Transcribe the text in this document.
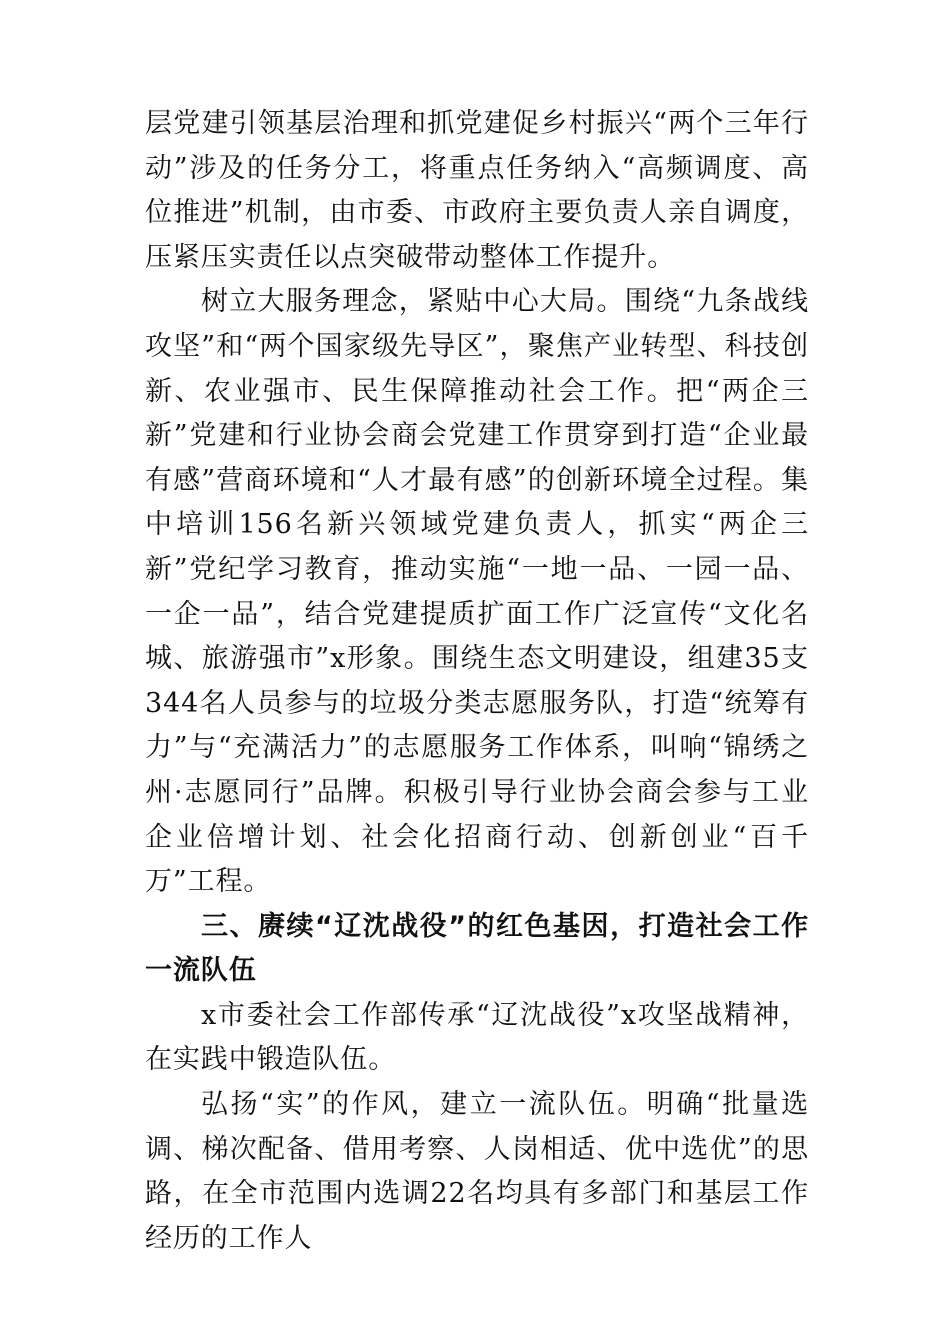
层党建引领基层治理和抓党建促乡村振兴“两个三年行动”涉及的任务分工，将重点任务纳入“高频调度、高位推进”机制，由市委、市政府主要负责人亲自调度，压紧压实责任以点突破带动整体工作提升。

树立大服务理念，紧贴中心大局。围绕“九条战线攻坚”和“两个国家级先导区”，聚焦产业转型、科技创新、农业强市、民生保障推动社会工作。把“两企三新”党建和行业协会商会党建工作贯穿到打造“企业最有感”营商环境和“人才最有感”的创新环境全过程。集中培训156名新兴领域党建负责人，抓实“两企三新”党纪学习教育，推动实施“一地一品、一园一品、一企一品”，结合党建提质扩面工作广泛宣传“文化名城、旅游强市”x形象。围绕生态文明建设，组建35支344名人员参与的垃圾分类志愿服务队，打造“统筹有力”与“充满活力”的志愿服务工作体系，叫响“锦绣之州·志愿同行”品牌。积极引导行业协会商会参与工业企业倍增计划、社会化招商行动、创新创业“百千万”工程。

三、赓续“辽沈战役”的红色基因，打造社会工作一流队伍

x市委社会工作部传承“辽沈战役”x攻坚战精神，在实践中锻造队伍。

弘扬“实”的作风，建立一流队伍。明确“批量选调、梯次配备、借用考察、人岗相适、优中选优”的思路，在全市范围内选调22名均具有多部门和基层工作经历的工作人
